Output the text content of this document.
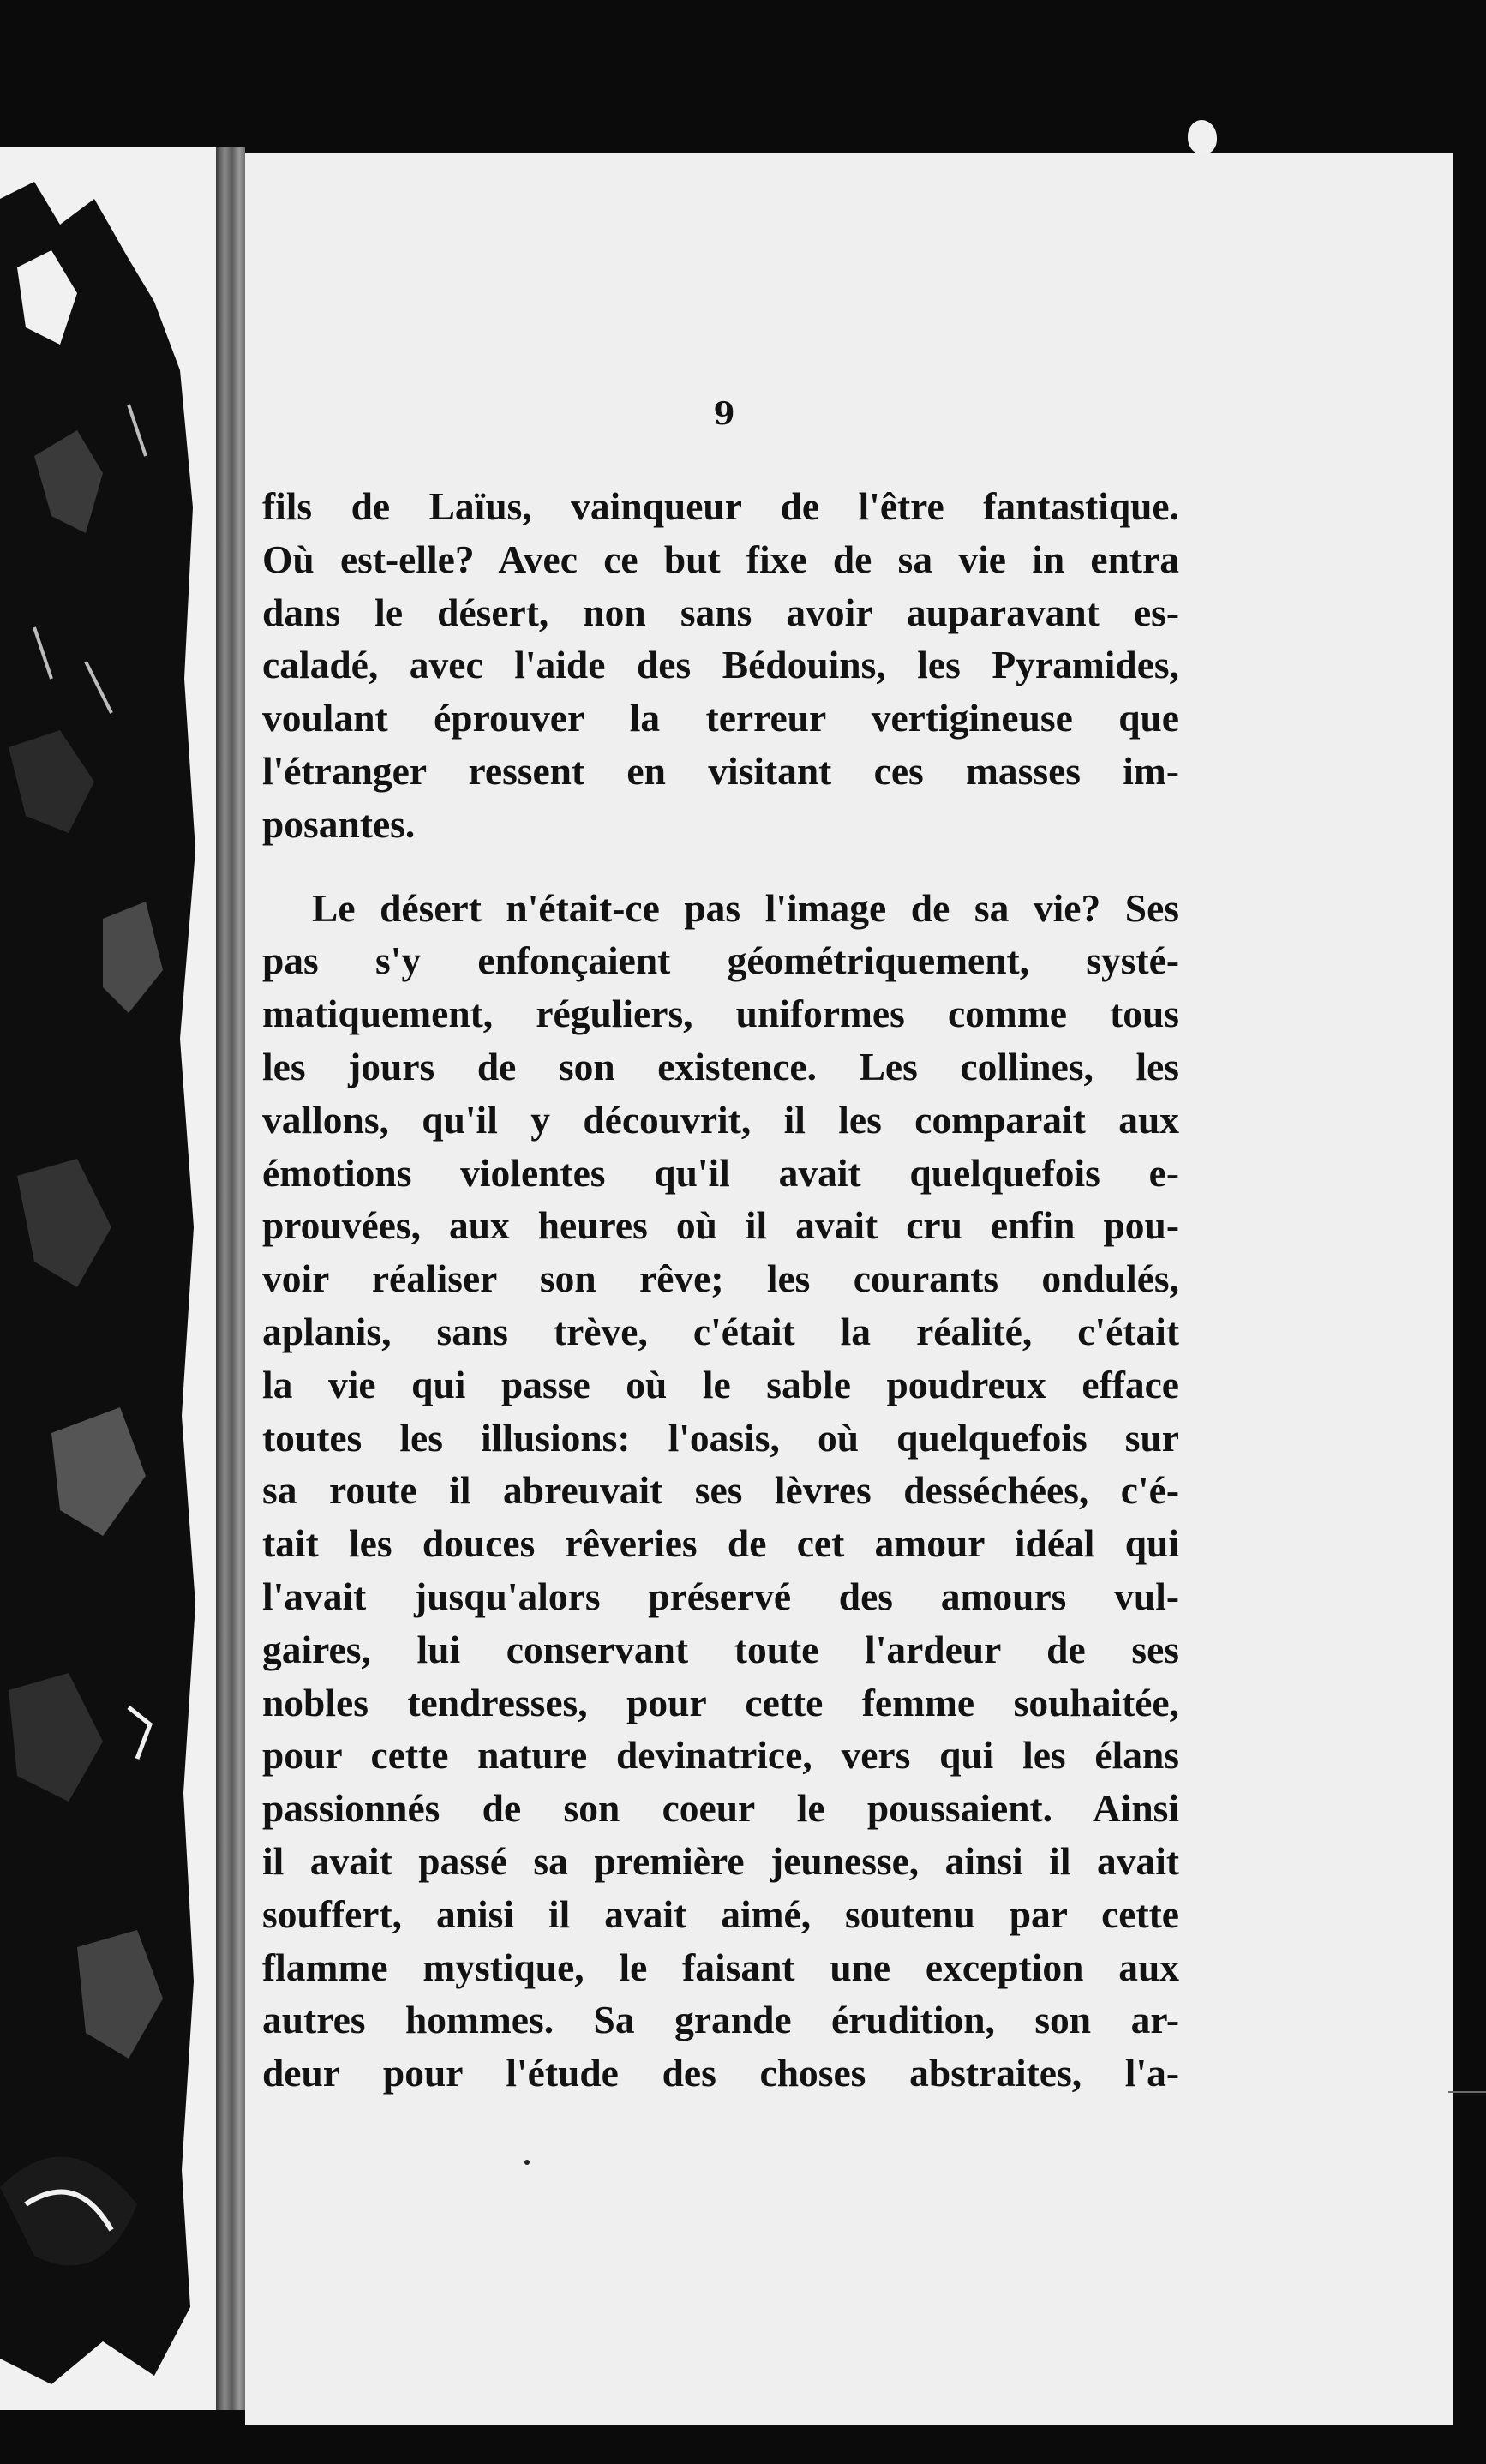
9
fils de Laïus, vainqueur de l'être fantastique.
Où est-elle? Avec ce but fixe de sa vie in entra
dans le désert, non sans avoir auparavant es-
caladé, avec l'aide des Bédouins, les Pyramides,
voulant éprouver la terreur vertigineuse que
l'étranger ressent en visitant ces masses im-
posantes.
Le désert n'était-ce pas l'image de sa vie? Ses
pas s'y enfonçaient géométriquement, systé-
matiquement, réguliers, uniformes comme tous
les jours de son existence. Les collines, les
vallons, qu'il y découvrit, il les comparait aux
émotions violentes qu'il avait quelquefois e-
prouvées, aux heures où il avait cru enfin pou-
voir réaliser son rêve; les courants ondulés,
aplanis, sans trève, c'était la réalité, c'était
la vie qui passe où le sable poudreux efface
toutes les illusions: l'oasis, où quelquefois sur
sa route il abreuvait ses lèvres desséchées, c'é-
tait les douces rêveries de cet amour idéal qui
l'avait jusqu'alors préservé des amours vul-
gaires, lui conservant toute l'ardeur de ses
nobles tendresses, pour cette femme souhaitée,
pour cette nature devinatrice, vers qui les élans
passionnés de son coeur le poussaient. Ainsi
il avait passé sa première jeunesse, ainsi il avait
souffert, anisi il avait aimé, soutenu par cette
flamme mystique, le faisant une exception aux
autres hommes. Sa grande érudition, son ar-
deur pour l'étude des choses abstraites, l'a-
